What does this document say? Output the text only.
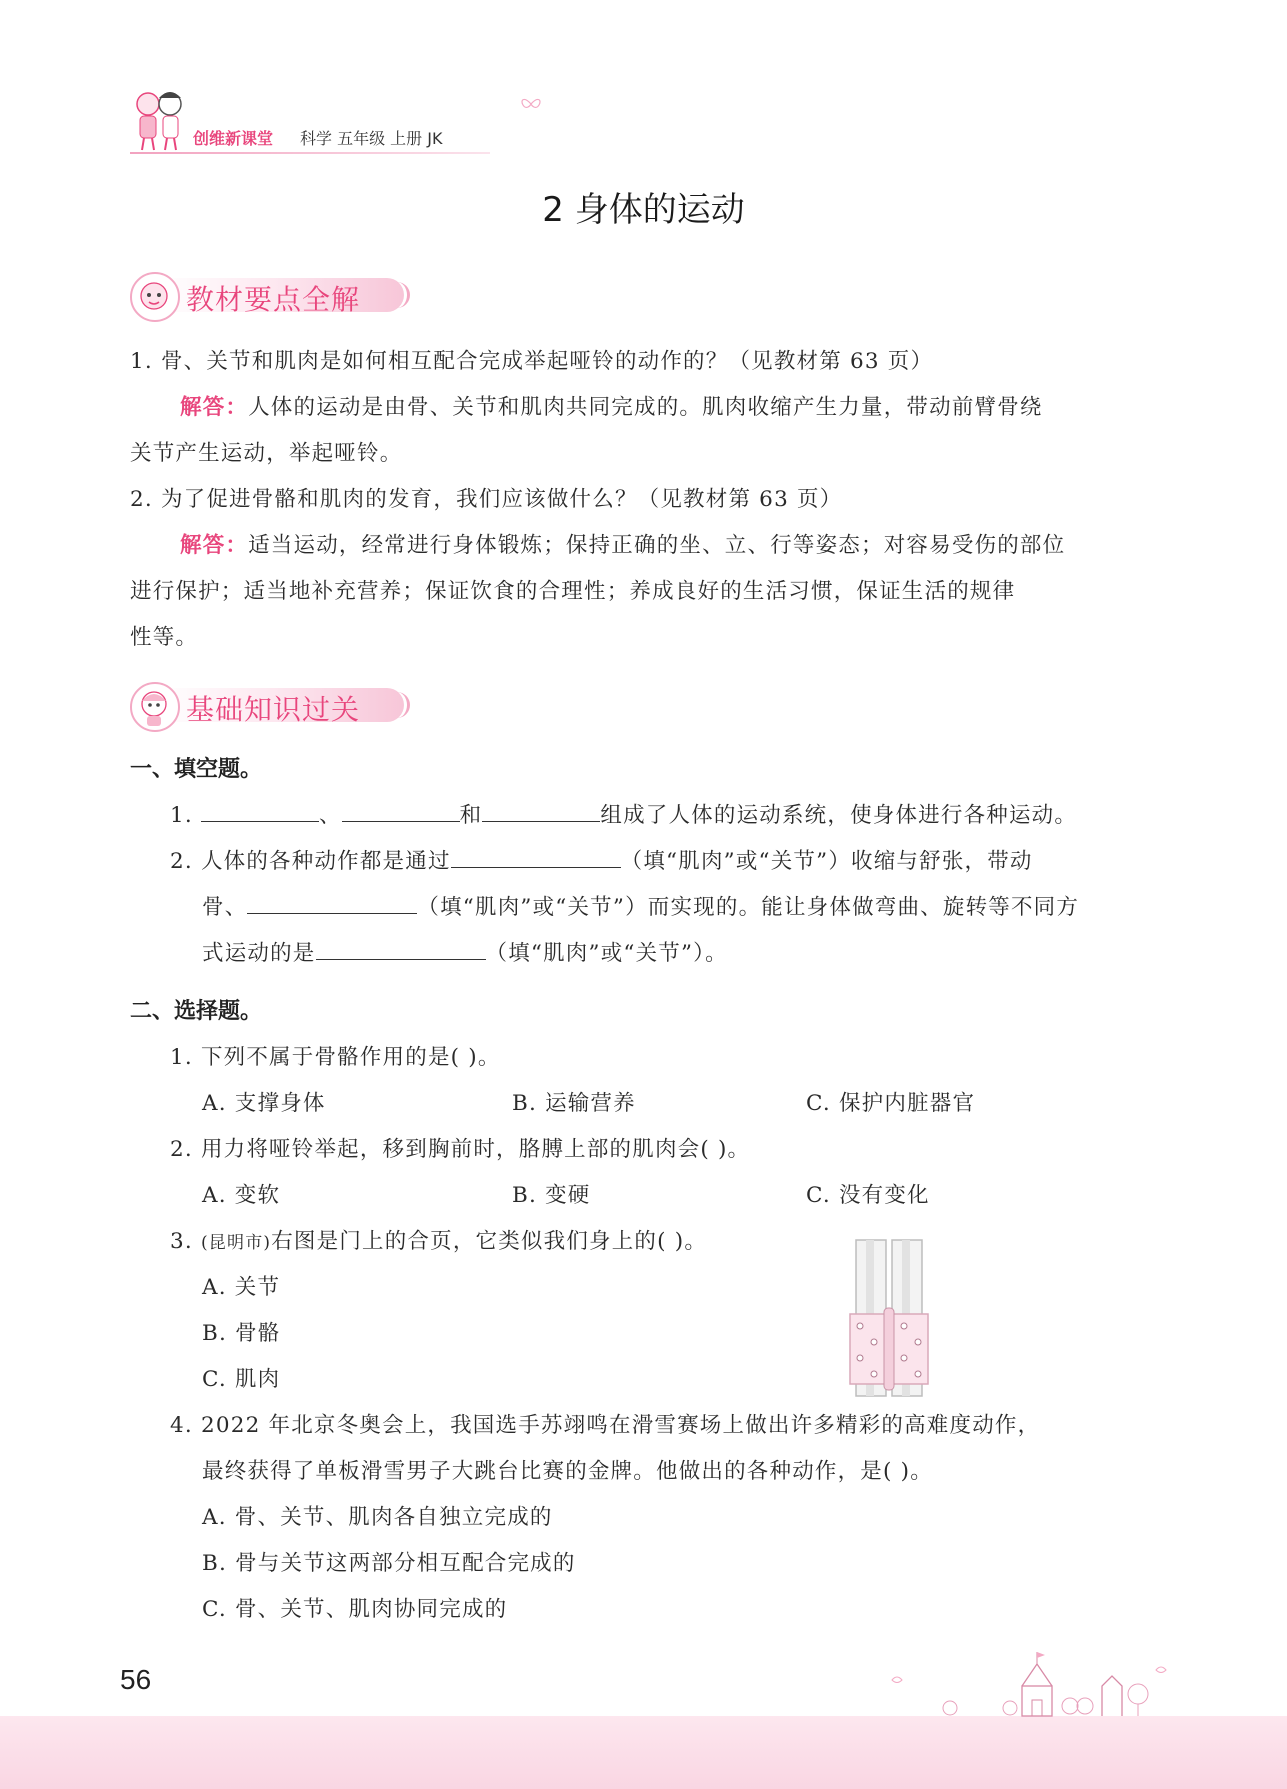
创维新课堂 科学 五年级 上册 JK
2 身体的运动
教材要点全解
1. 骨、关节和肌肉是如何相互配合完成举起哑铃的动作的？（见教材第 63 页）
解答：人体的运动是由骨、关节和肌肉共同完成的。肌肉收缩产生力量，带动前臂骨绕
关节产生运动，举起哑铃。
2. 为了促进骨骼和肌肉的发育，我们应该做什么？（见教材第 63 页）
解答：适当运动，经常进行身体锻炼；保持正确的坐、立、行等姿态；对容易受伤的部位
进行保护；适当地补充营养；保证饮食的合理性；养成良好的生活习惯，保证生活的规律
性等。
基础知识过关
一、填空题。
1.	、	和	组成了人体的运动系统，使身体进行各种运动。
2. 人体的各种动作都是通过	（填“肌肉”或“关节”）收缩与舒张，带动
骨、	（填“肌肉”或“关节”）而实现的。能让身体做弯曲、旋转等不同方
式运动的是	（填“肌肉”或“关节”）。
二、选择题。
1. 下列不属于骨骼作用的是( )。
A. 支撑身体	B. 运输营养	C. 保护内脏器官
2. 用力将哑铃举起，移到胸前时，胳膊上部的肌肉会( )。
A. 变软	B. 变硬	C. 没有变化
3. (昆明市)右图是门上的合页，它类似我们身上的( )。
A. 关节
B. 骨骼
C. 肌肉
4. 2022 年北京冬奥会上，我国选手苏翊鸣在滑雪赛场上做出许多精彩的高难度动作，
最终获得了单板滑雪男子大跳台比赛的金牌。他做出的各种动作，是( )。
A. 骨、关节、肌肉各自独立完成的
B. 骨与关节这两部分相互配合完成的
C. 骨、关节、肌肉协同完成的
56
